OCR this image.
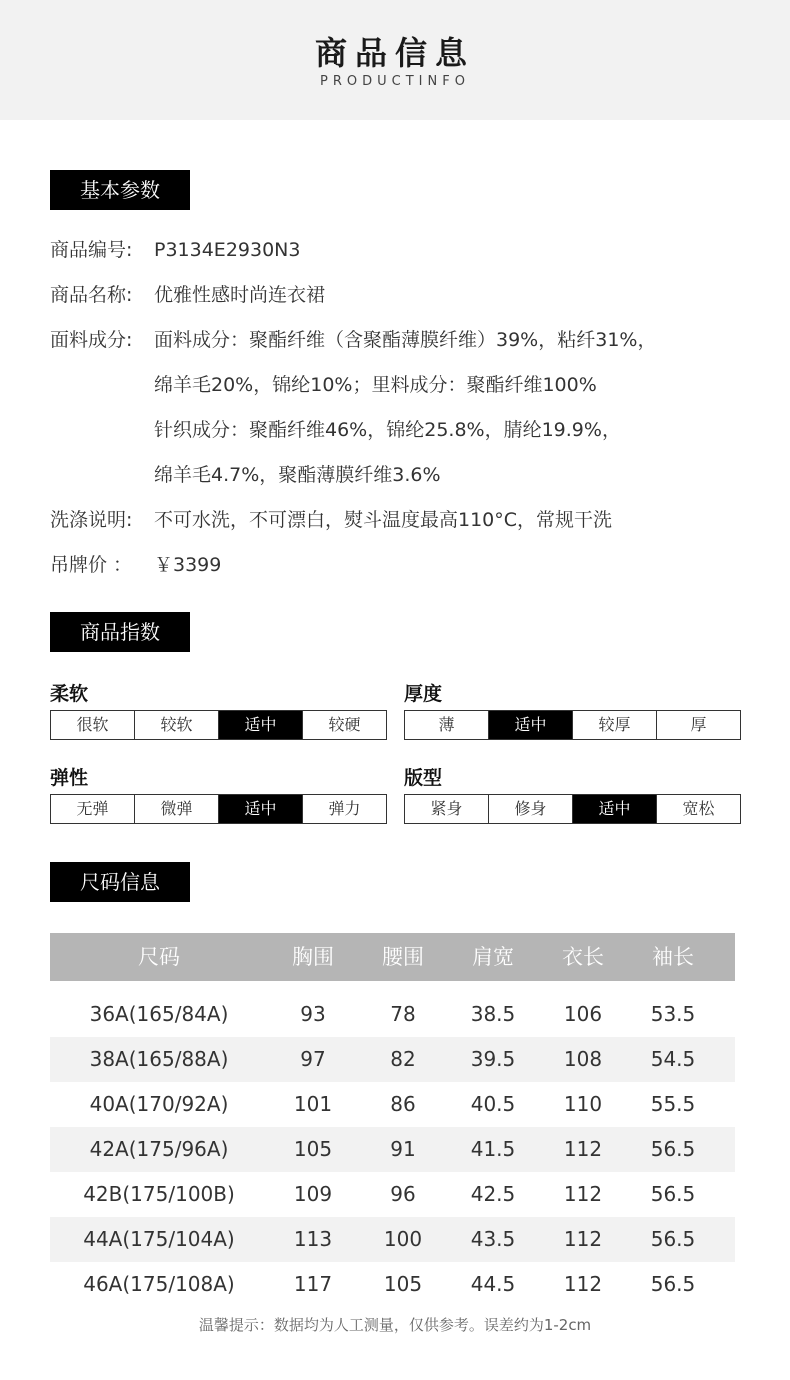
商品信息
PRODUCTINFO
基本参数
商品编号: P3134E2930N3
商品名称: 优雅性感时尚连衣裙
面料成分: 面料成分：聚酯纤维（含聚酯薄膜纤维）39%，粘纤31%，
绵羊毛20%，锦纶10%；里料成分：聚酯纤维100%
针织成分：聚酯纤维46%，锦纶25.8%，腈纶19.9%，
绵羊毛4.7%，聚酯薄膜纤维3.6%
洗涤说明: 不可水洗，不可漂白，熨斗温度最高110°C，常规干洗
吊牌价 ： ￥3399
商品指数
柔软
很软	较软	适中	较硬
厚度
薄	适中	较厚	厚
弹性
无弹	微弹	适中	弹力
版型
紧身	修身	适中	宽松
尺码信息
尺码	胸围	腰围	肩宽	衣长	袖长
36A(165/84A)	93	78	38.5	106	53.5
38A(165/88A)	97	82	39.5	108	54.5
40A(170/92A)	101	86	40.5	110	55.5
42A(175/96A)	105	91	41.5	112	56.5
42B(175/100B)	109	96	42.5	112	56.5
44A(175/104A)	113	100	43.5	112	56.5
46A(175/108A)	117	105	44.5	112	56.5
温馨提示：数据均为人工测量，仅供参考。误差约为1-2cm
